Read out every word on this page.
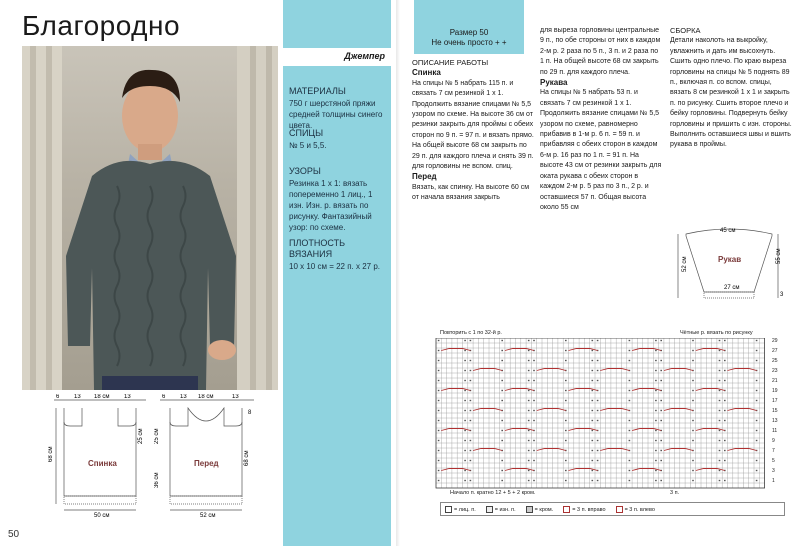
Благородно
6 13 18 см 13
68 см
25 см
Спинка
50 см
6 13 18 см	13
25 см
36 см
68 см
8
Перед
52 см
50
Джемпер
МАТЕРИАЛЫ
750 г шерстяной пряжи средней толщины синего цвета.
СПИЦЫ
№ 5 и 5,5.
УЗОРЫ
Резинка 1 х 1: вязать попеременно 1 лиц., 1 изн. Изн. р. вязать по рисунку. Фантазийный узор: по схеме.
ПЛОТНОСТЬ ВЯЗАНИЯ
10 х 10 см = 22 п. х 27 р.
Размер 50
Не очень просто + +
ОПИСАНИЕ РАБОТЫ
Спинка

На спицы № 5 набрать 115 п. и связать 7 см резинкой 1 х 1. Продолжить вязание спицами № 5,5 узором по схеме. На высоте 36 см от резинки закрыть для проймы с обеих сторон по 9 п. = 97 п. и вязать прямо. На общей высоте 68 см закрыть по 29 п. для каждого плеча и снять 39 п. для горловины не вспом. спиц.

Перед

Вязать, как спинку. На высоте 60 см от начала вязания закрыть

для выреза горловины центральные 9 п., по обе стороны от них в каждом 2-м р. 2 раза по 5 п., 3 п. и 2 раза по 1 п. На общей высоте 68 см закрыть по 29 п. для каждого плеча.

Рукава

На спицы № 5 набрать 53 п. и связать 7 см резинкой 1 х 1. Продолжить вязание спицами № 5,5 узором по схеме, равномерно прибавив в 1-м р. 6 п. = 59 п. и прибавляя с обеих сторон в каждом 6-м р. 16 раз по 1 п. = 91 п. На высоте 43 см от резинки закрыть для оката рукава с обеих сторон в каждом 2-м р. 5 раз по 3 п., 2 р. и оставшиеся 57 п. Общая высота около 55 см

СБОРКА

Детали наколоть на выкройку, увлажнить и дать им высохнуть. Сшить одно плечо. По краю выреза горловины на спицы № 5 поднять 89 п., включая п. со вспом. спицы, вязать 8 см резинкой 1 х 1 и закрыть п. по рисунку. Сшить второе плечо и бейку горловины. Подвернуть бейку горловины и пришить с изн. стороны. Выполнить оставшиеся швы и вшить рукава в проймы.

45 см
Рукав
52 см
55 см
27 см
3
Повторить с 1 по 32-й р.	Чётные р. вязать по рисунку
29
27
25
23
21
19
17
15
13
11
9
7
5
3
1
Начало п. кратно 12 + 5 + 2 кром.	3 п.
= лиц. п.	= изн. п.	= кром.	= 3 п. вправо	= 3 п. влево
